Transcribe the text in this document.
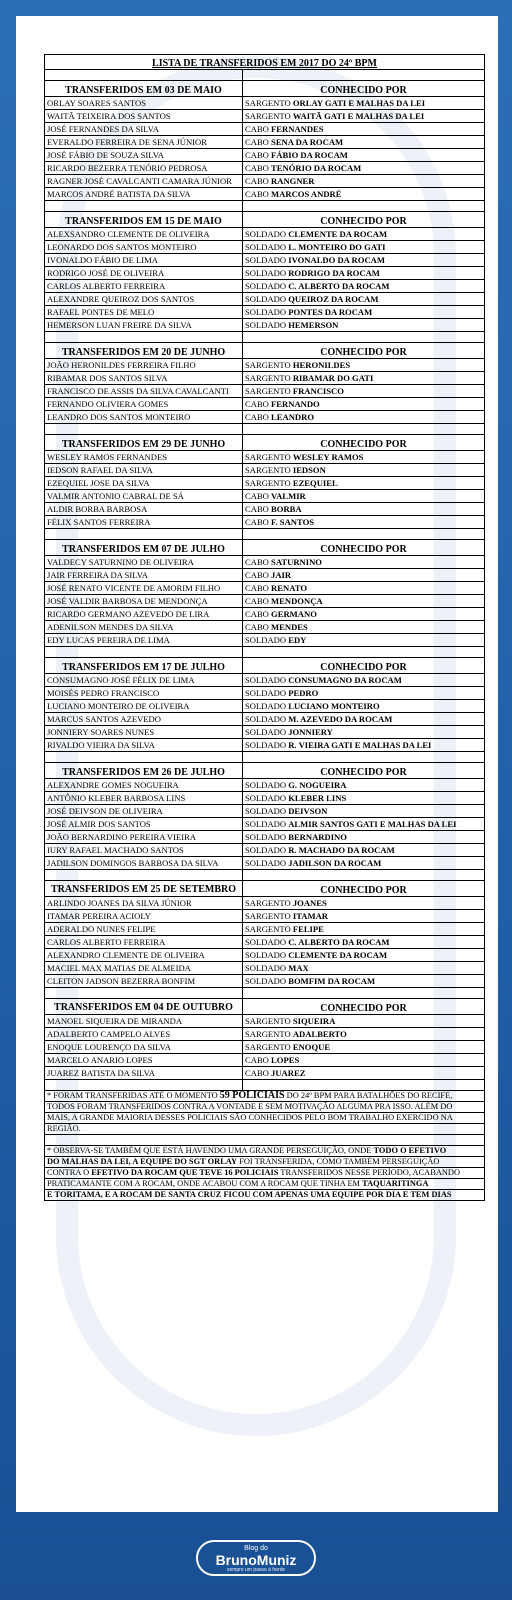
LISTA DE TRANSFERIDOS EM 2017 DO 24º BPM	

TRANSFERIDOS EM 03 DE MAIO	CONHECIDO POR
ORLAY SOARES SANTOS	SARGENTO ORLAY GATI E MALHAS DA LEI
WAITÃ TEIXEIRA DOS SANTOS	SARGENTO WAITÃ GATI E MALHAS DA LEI
JOSÉ FERNANDES DA SILVA	CABO FERNANDES
EVERALDO FERREIRA DE SENA JÚNIOR	CABO SENA DA ROCAM
JOSÉ FÁBIO DE SOUZA SILVA	CABO FÁBIO DA ROCAM
RICARDO BEZERRA TENÓRIO PEDROSA	CABO TENÓRIO DA ROCAM
RAGNER JOSÉ CAVALCANTI CAMARA JÚNIOR	CABO RANGNER
MARCOS ANDRÉ BATISTA DA SILVA	CABO MARCOS ANDRÉ

TRANSFERIDOS EM 15 DE MAIO	CONHECIDO POR
ALEXSANDRO CLEMENTE DE OLIVEIRA	SOLDADO CLEMENTE DA ROCAM
LEONARDO DOS SANTOS MONTEIRO	SOLDADO L. MONTEIRO DO GATI
IVONALDO FÁBIO DE LIMA	SOLDADO IVONALDO DA ROCAM
RODRIGO JOSÉ DE OLIVEIRA	SOLDADO RODRIGO DA ROCAM
CARLOS ALBERTO FERREIRA	SOLDADO C. ALBERTO DA ROCAM
ALEXANDRE QUEIROZ DOS SANTOS	SOLDADO QUEIROZ DA ROCAM
RAFAEL PONTES DE MELO	SOLDADO PONTES DA ROCAM
HEMERSON LUAN FREIRE DA SILVA	SOLDADO HEMERSON

TRANSFERIDOS EM 20 DE JUNHO	CONHECIDO POR
JOÃO HERONILDES FERREIRA FILHO	SARGENTO HERONILDES
RIBAMAR DOS SANTOS SILVA	SARGENTO RIBAMAR DO GATI
FRANCISCO DE ASSIS DA SILVA CAVALCANTI	SARGENTO FRANCISCO
FERNANDO OLIVIERA GOMES	CABO FERNANDO
LEANDRO DOS SANTOS MONTEIRO	CABO LEANDRO

TRANSFERIDOS EM 29 DE JUNHO	CONHECIDO POR
WESLEY RAMOS FERNANDES	SARGENTO WESLEY RAMOS
IEDSON RAFAEL DA SILVA	SARGENTO IEDSON
EZEQUIEL JOSE DA SILVA	SARGENTO EZEQUIEL
VALMIR ANTONIO CABRAL DE SÁ	CABO VALMIR
ALDIR BORBA BARBOSA	CABO BORBA
FÉLIX SANTOS FERREIRA	CABO F. SANTOS

TRANSFERIDOS EM 07 DE JULHO	CONHECIDO POR
VALDECY SATURNINO DE OLIVEIRA	CABO SATURNINO
JAIR FERREIRA DA SILVA	CABO JAIR
JOSÉ RENATO VICENTE DE AMORIM FILHO	CABO RENATO
JOSÉ VALDIR BARBOSA DE MENDONÇA	CABO MENDONÇA
RICARDO GERMANO AZEVEDO DE LIRA	CABO GERMANO
ADENILSON MENDES DA SILVA	CABO MENDES
EDY LUCAS PEREIRA DE LIMA	SOLDADO EDY

TRANSFERIDOS EM 17 DE JULHO	CONHECIDO POR
CONSUMAGNO JOSÉ FÉLIX DE LIMA	SOLDADO CONSUMAGNO DA ROCAM
MOISÉS PEDRO FRANCISCO	SOLDADO PEDRO
LUCIANO MONTEIRO DE OLIVEIRA	SOLDADO LUCIANO MONTEIRO
MARCUS SANTOS AZEVEDO	SOLDADO M. AZEVEDO DA ROCAM
JONNIERY SOARES NUNES	SOLDADO JONNIERY
RIVALDO VIEIRA DA SILVA	SOLDADO R. VIEIRA GATI E MALHAS DA LEI

TRANSFERIDOS EM 26 DE JULHO	CONHECIDO POR
ALEXANDRE GOMES NOGUEIRA	SOLDADO G. NOGUEIRA
ANTÔNIO KLEBER BARBOSA LINS	SOLDADO KLEBER LINS
JOSÉ DEIVSON DE OLIVEIRA	SOLDADO DEIVSON
JOSÉ ALMIR DOS SANTOS	SOLDADO ALMIR SANTOS GATI E MALHAS DA LEI
JOÃO BERNARDINO PEREIRA VIEIRA	SOLDADO BERNARDINO
IURY RAFAEL MACHADO SANTOS	SOLDADO R. MACHADO DA ROCAM
JADILSON DOMINGOS BARBOSA DA SILVA	SOLDADO JADILSON DA ROCAM

TRANSFERIDOS EM 25 DE SETEMBRO	CONHECIDO POR
ARLINDO JOANES DA SILVA JÚNIOR	SARGENTO JOANES
ITAMAR PEREIRA ACIOLY	SARGENTO ITAMAR
ADERALDO NUNES FELIPE	SARGENTO FELIPE
CARLOS ALBERTO FERREIRA	SOLDADO C. ALBERTO DA ROCAM
ALEXANDRO CLEMENTE DE OLIVEIRA	SOLDADO CLEMENTE DA ROCAM
MACIEL MAX MATIAS DE ALMEIDA	SOLDADO MAX
CLEITON JADSON BEZERRA BONFIM	SOLDADO BOMFIM DA ROCAM

TRANSFERIDOS EM 04 DE OUTUBRO	CONHECIDO POR
MANOEL SIQUEIRA DE MIRANDA	SARGENTO SIQUEIRA
ADALBERTO CAMPELO ALVES	SARGENTO ADALBERTO
ENOQUE LOURENÇO DA SILVA	SARGENTO ENOQUE
MARCELO ANARIO LOPES	CABO LOPES
JUAREZ BATISTA DA SILVA	CABO JUAREZ

* FORAM TRANSFERIDAS ATÉ O MOMENTO 59 POLICIAIS DO 24º BPM PARA BATALHÕES DO RECIFE,	
TODOS FORAM TRANSFERIDOS CONTRA A VONTADE E SEM MOTIVAÇÃO ALGUMA PRA ISSO. ALÉM DO	
MAIS, A GRANDE MAIORIA DESSES POLICIAIS SÃO CONHECIDOS PELO BOM TRABALHO EXERCIDO NA	
REGIÃO.	

* OBSERVA-SE TAMBÉM QUE ESTÁ HAVENDO UMA GRANDE PERSEGUIÇÃO, ONDE TODO O EFETIVO	
DO MALHAS DA LEI, A EQUIPE DO SGT ORLAY FOI TRANSFERIDA, COMO TAMBÉM PERSEGUIÇÃO	
CONTRA O EFETIVO DA ROCAM QUE TEVE 16 POLICIAIS TRANSFERIDOS NESSE PERÍODO, ACABANDO	
PRATICAMANTE COM A ROCAM, ONDE ACABOU COM A ROCAM QUE TINHA EM TAQUARITINGA	
E TORITAMA, E A ROCAM DE SANTA CRUZ FICOU COM APENAS UMA EQUIPE POR DIA E TEM DIAS	
Blog do
BrunoMuniz
sempre um passo à frente
